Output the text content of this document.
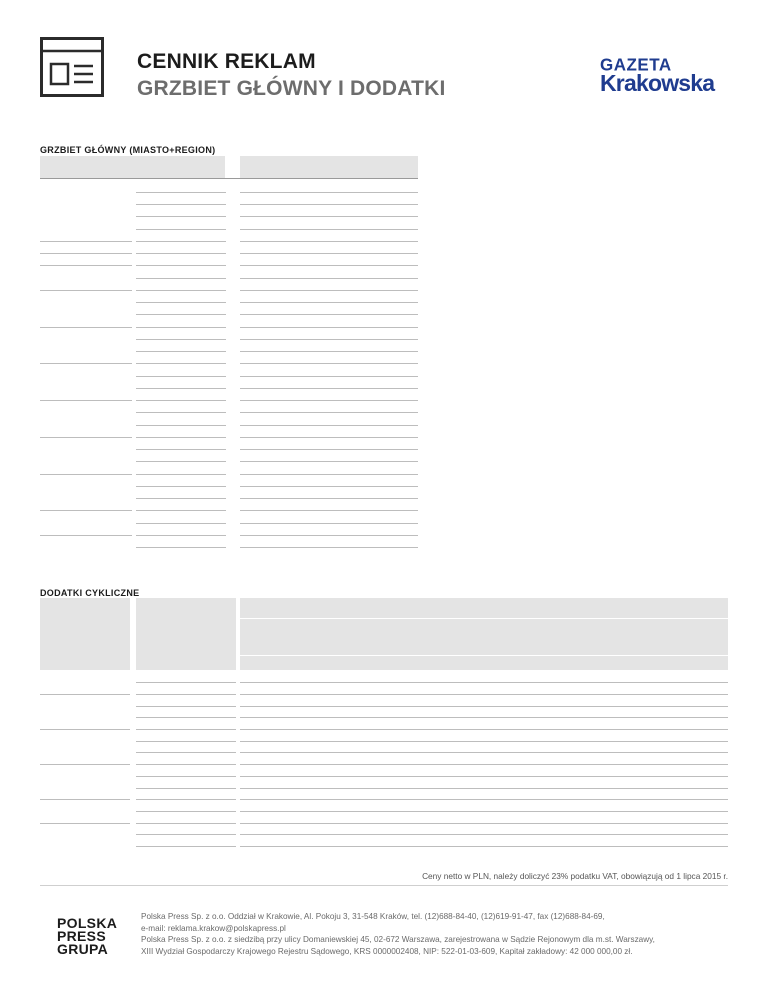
CENNIK REKLAM
GRZBIET GŁÓWNY I DODATKI
GAZETA
Krakowska
GRZBIET GŁÓWNY (MIASTO+REGION)
DODATKI CYKLICZNE
Ceny netto w PLN, należy doliczyć 23% podatku VAT, obowiązują od 1 lipca 2015 r.
POLSKA
PRESS
GRUPA
Polska Press Sp. z o.o. Oddział w Krakowie, Al. Pokoju 3, 31-548 Kraków, tel. (12)688-84-40, (12)619-91-47, fax (12)688-84-69,
e-mail: reklama.krakow@polskapress.pl
Polska Press Sp. z o.o. z siedzibą przy ulicy Domaniewskiej 45, 02-672 Warszawa, zarejestrowana w Sądzie Rejonowym dla m.st. Warszawy,
XIII Wydział Gospodarczy Krajowego Rejestru Sądowego, KRS 0000002408, NIP: 522-01-03-609, Kapitał zakładowy: 42 000 000,00 zł.
